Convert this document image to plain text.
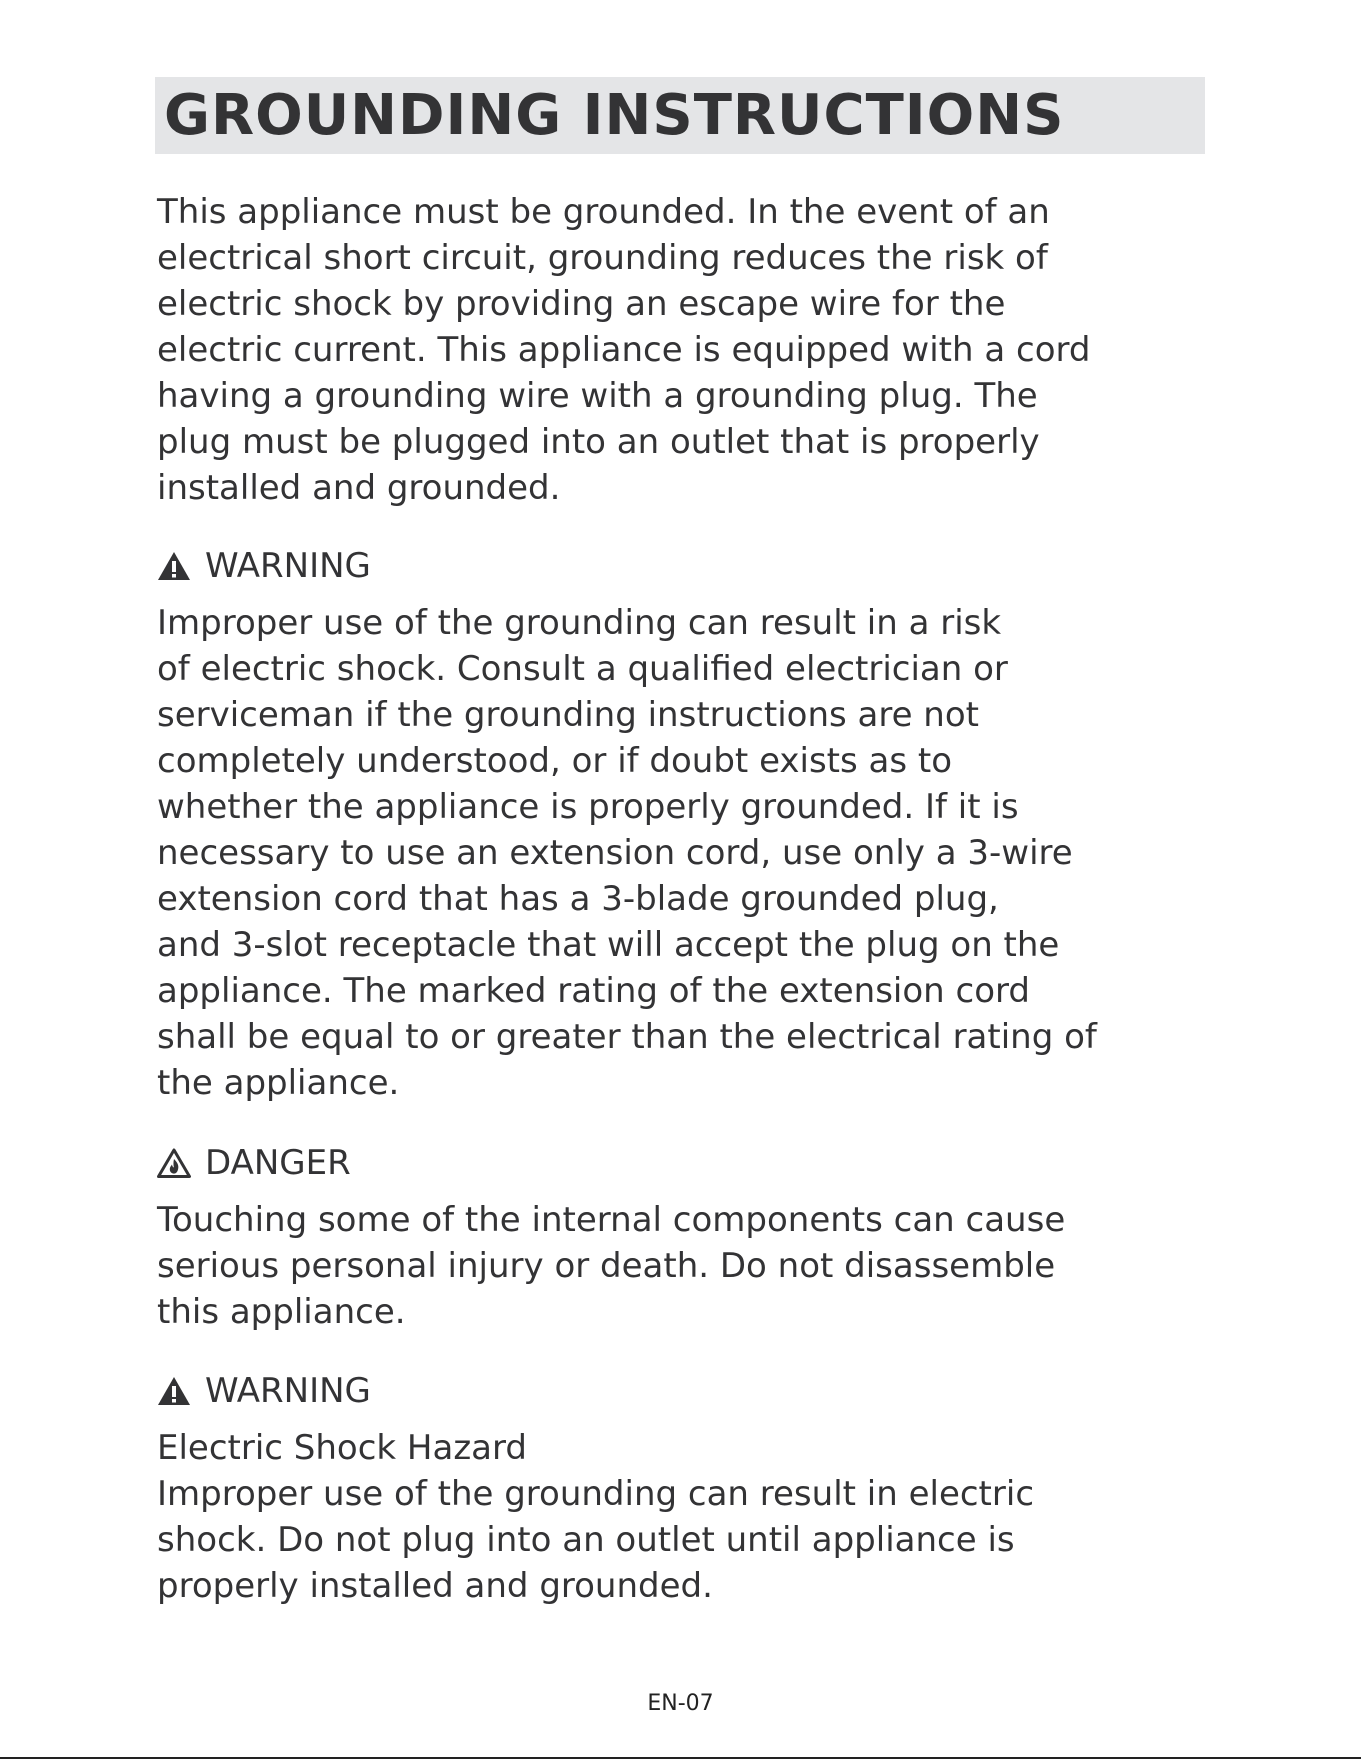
GROUNDING INSTRUCTIONS

This appliance must be grounded. In the event of an
electrical short circuit, grounding reduces the risk of
electric shock by providing an escape wire for the
electric current. This appliance is equipped with a cord
having a grounding wire with a grounding plug. The
plug must be plugged into an outlet that is properly
installed and grounded.

WARNING

Improper use of the grounding can result in a risk
of electric shock. Consult a qualified electrician or
serviceman if the grounding instructions are not
completely understood, or if doubt exists as to
whether the appliance is properly grounded. If it is
necessary to use an extension cord, use only a 3-wire
extension cord that has a 3-blade grounded plug,
and 3-slot receptacle that will accept the plug on the
appliance. The marked rating of the extension cord
shall be equal to or greater than the electrical rating of
the appliance.

DANGER

Touching some of the internal components can cause
serious personal injury or death. Do not disassemble
this appliance.

WARNING

Electric Shock Hazard
Improper use of the grounding can result in electric
shock. Do not plug into an outlet until appliance is
properly installed and grounded.

EN-07
